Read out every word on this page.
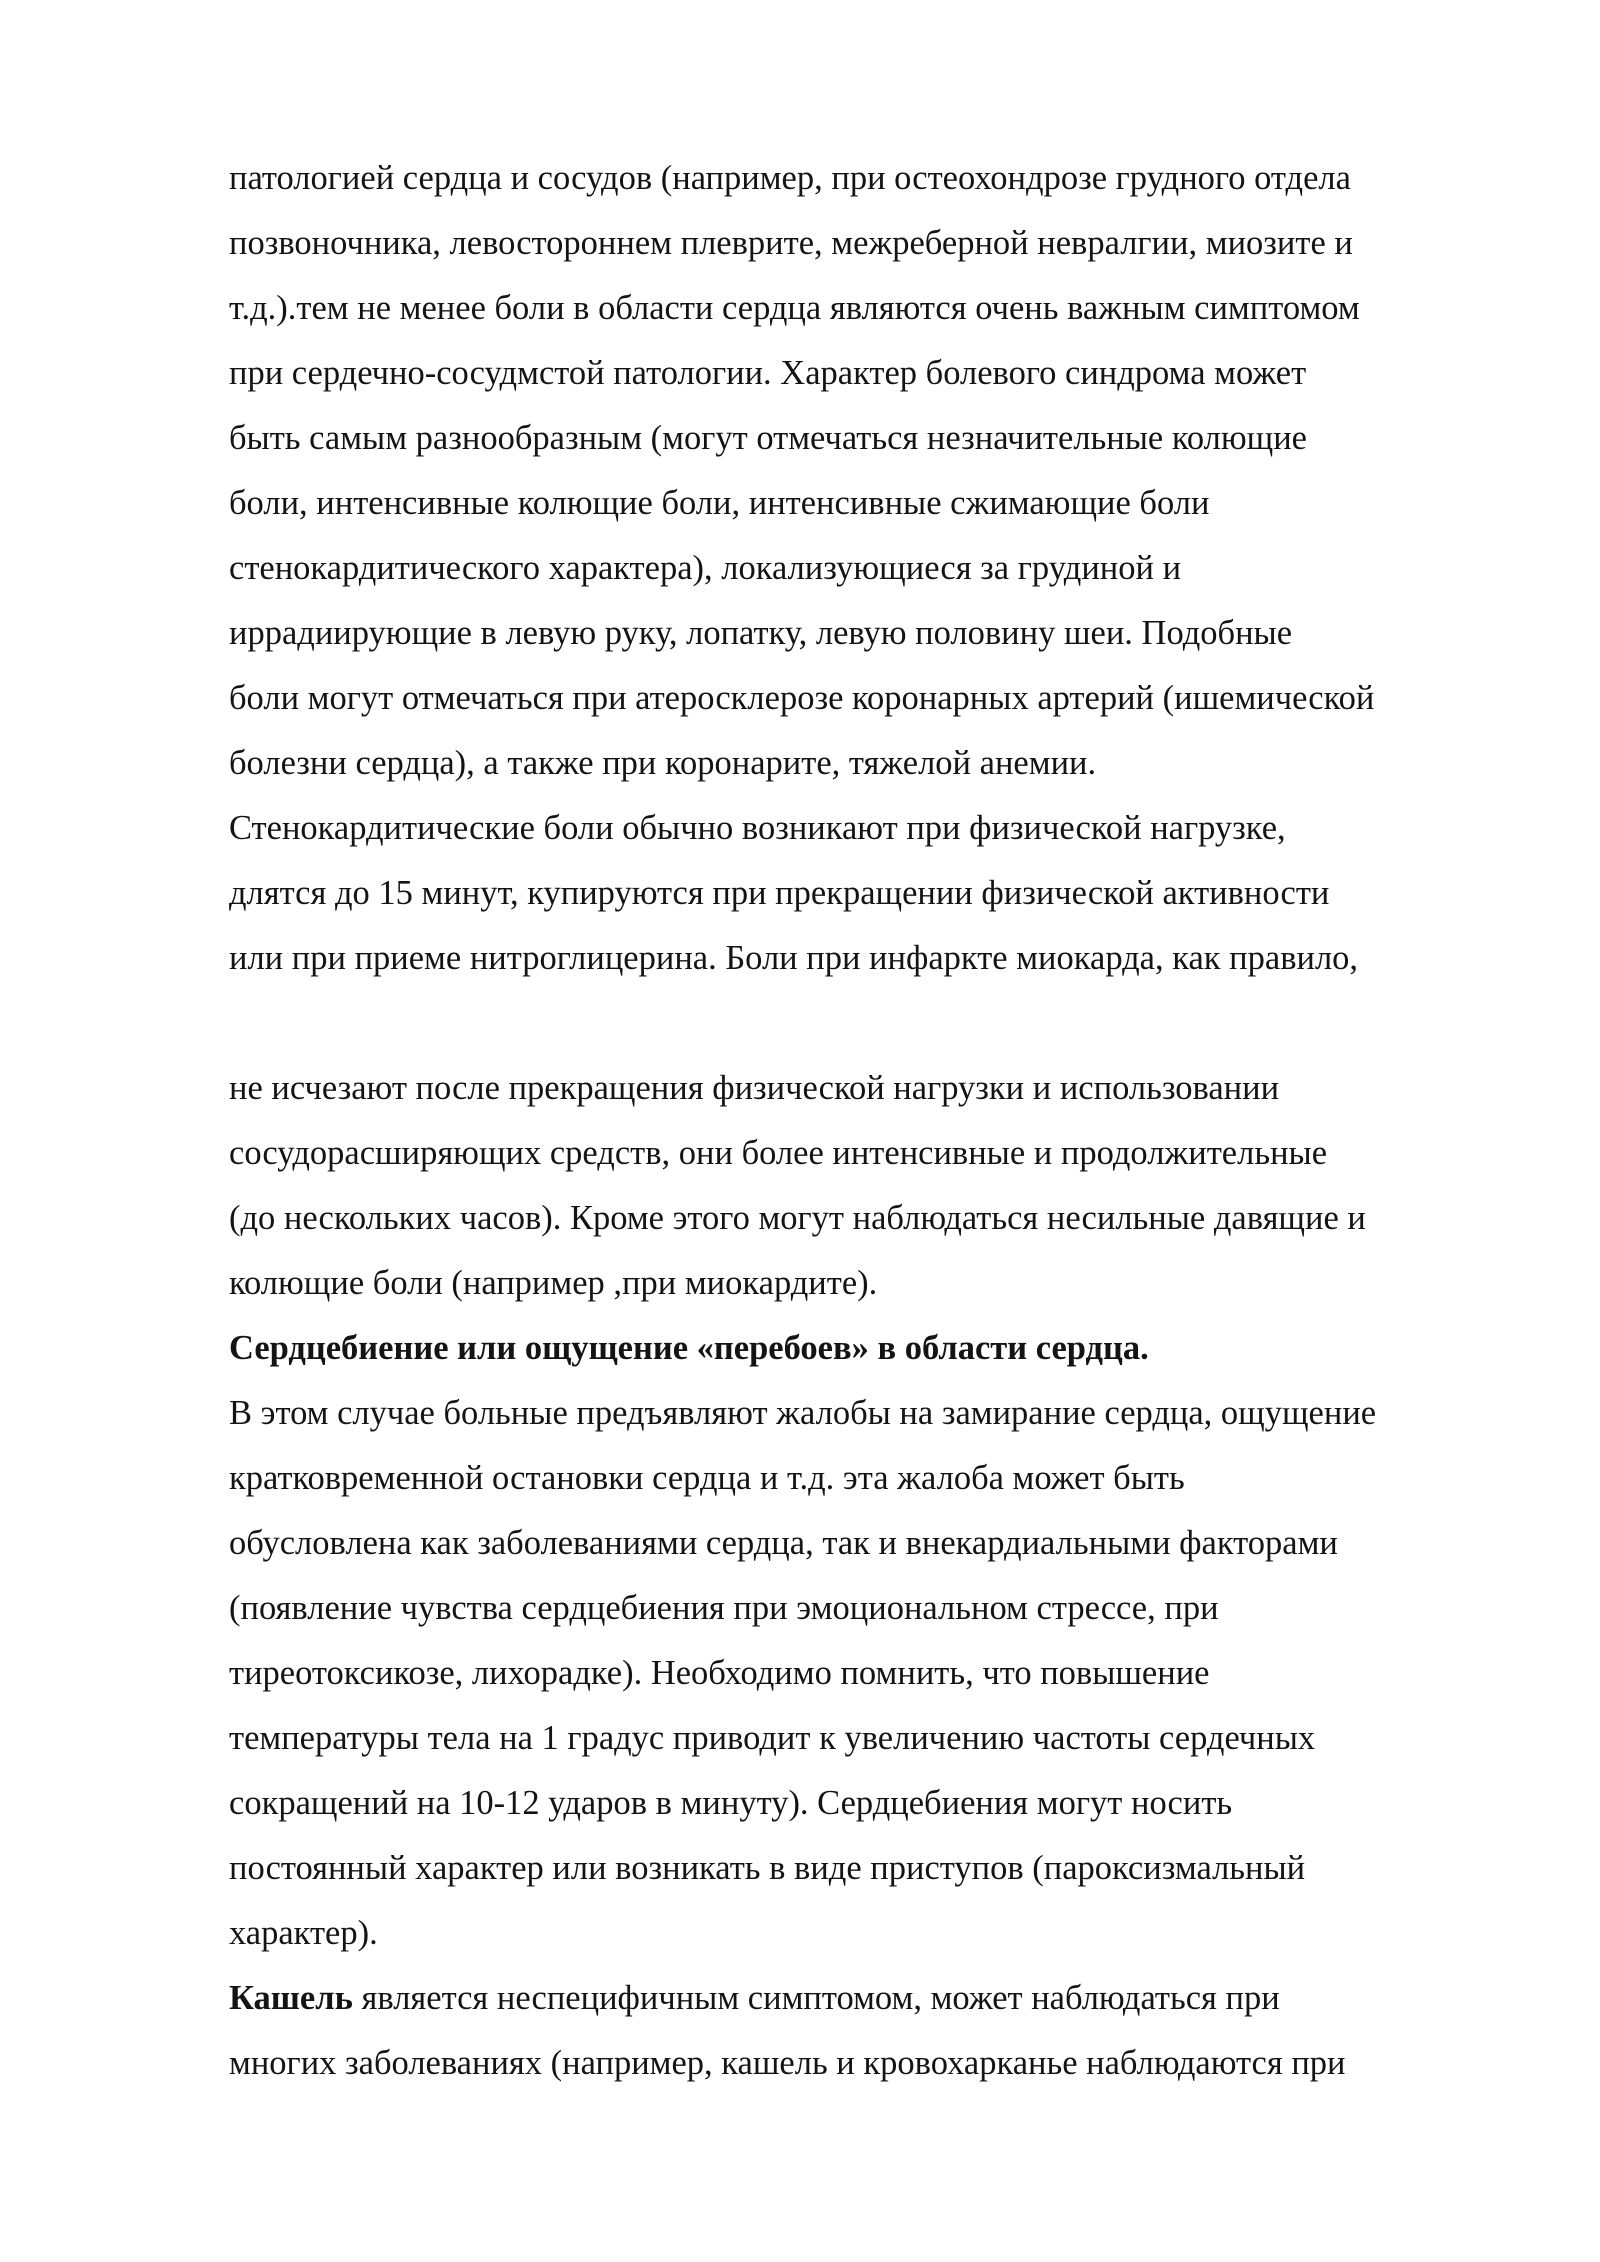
патологией сердца и сосудов (например, при остеохондрозе грудного отдела
позвоночника, левостороннем плеврите, межреберной невралгии, миозите и
т.д.).тем не менее боли в области сердца являются очень важным симптомом
при сердечно-сосудмстой патологии. Характер болевого синдрома может
быть самым разнообразным (могут отмечаться незначительные колющие
боли, интенсивные колющие боли, интенсивные сжимающие боли
стенокардитического характера), локализующиеся за грудиной и
иррадиирующие в левую руку, лопатку, левую половину шеи. Подобные
боли могут отмечаться при атеросклерозе коронарных артерий (ишемической
болезни сердца), а также при коронарите, тяжелой анемии.
Стенокардитические боли обычно возникают при физической нагрузке,
длятся до 15 минут, купируются при прекращении физической активности
или при приеме нитроглицерина. Боли при инфаркте миокарда, как правило,
не исчезают после прекращения физической нагрузки и использовании
сосудорасширяющих средств, они более интенсивные и продолжительные
(до нескольких часов). Кроме этого могут наблюдаться несильные давящие и
колющие боли (например ,при миокардите).
Сердцебиение или ощущение «перебоев» в области сердца.
В этом случае больные предъявляют жалобы на замирание сердца, ощущение
кратковременной остановки сердца и т.д. эта жалоба может быть
обусловлена как заболеваниями сердца, так и внекардиальными факторами
(появление чувства сердцебиения при эмоциональном стрессе, при
тиреотоксикозе, лихорадке). Необходимо помнить, что повышение
температуры тела на 1 градус приводит к увеличению частоты сердечных
сокращений на 10-12 ударов в минуту). Сердцебиения могут носить
постоянный характер или возникать в виде приступов (пароксизмальный
характер).
Кашель является неспецифичным симптомом, может наблюдаться при
многих заболеваниях (например, кашель и кровохарканье наблюдаются при
